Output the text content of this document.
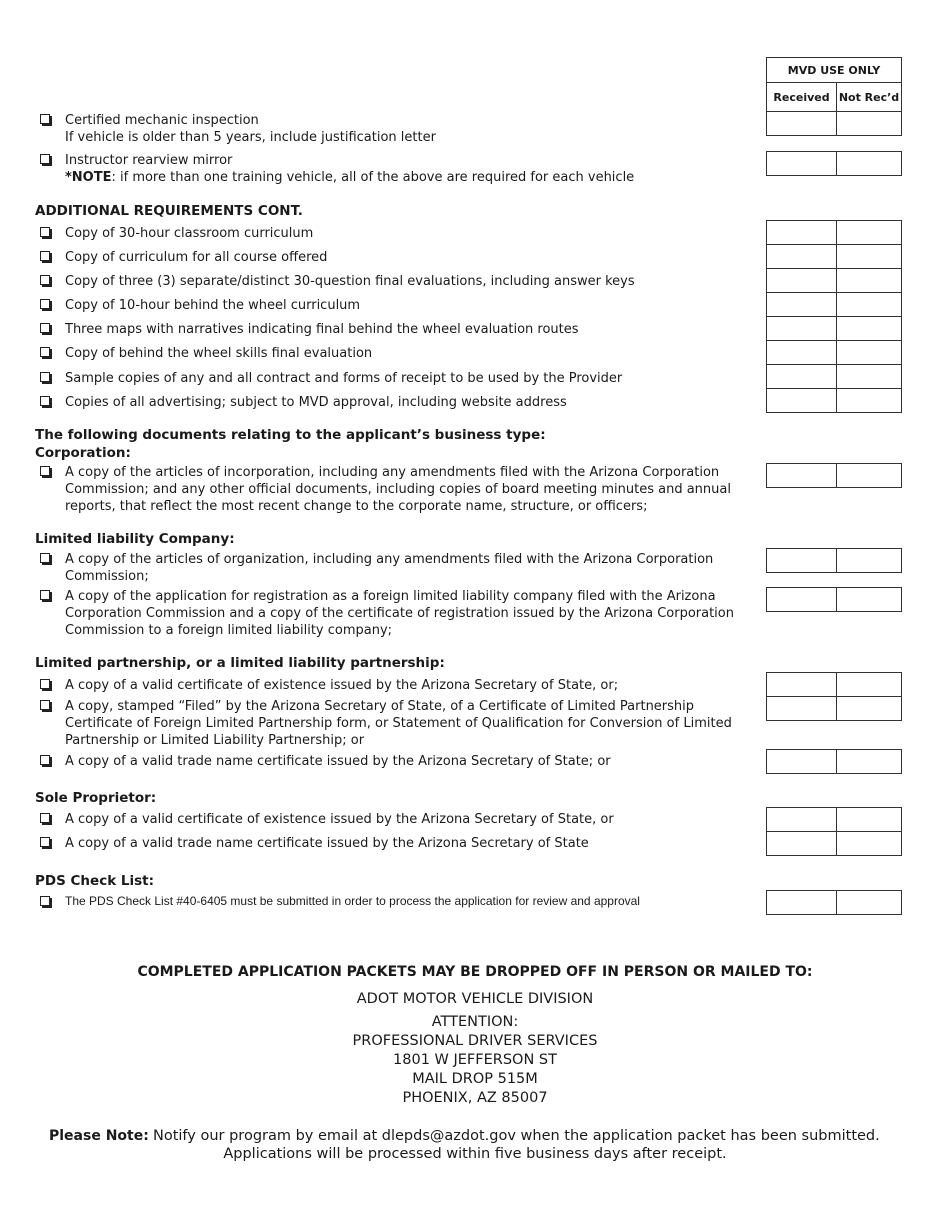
MVD USE ONLY	
Received	Not Rec’d

Certified mechanic inspection
If vehicle is older than 5 years, include justification letter
Instructor rearview mirror
*NOTE: if more than one training vehicle, all of the above are required for each vehicle
ADDITIONAL REQUIREMENTS CONT.
Copy of 30-hour classroom curriculum
Copy of curriculum for all course offered
Copy of three (3) separate/distinct 30-question final evaluations, including answer keys
Copy of 10-hour behind the wheel curriculum
Three maps with narratives indicating final behind the wheel evaluation routes
Copy of behind the wheel skills final evaluation
Sample copies of any and all contract and forms of receipt to be used by the Provider
Copies of all advertising; subject to MVD approval, including website address
The following documents relating to the applicant’s business type:
Corporation:
A copy of the articles of incorporation, including any amendments filed with the Arizona Corporation Commission; and any other official documents, including copies of board meeting minutes and annual reports, that reflect the most recent change to the corporate name, structure, or officers;
Limited liability Company:
A copy of the articles of organization, including any amendments filed with the Arizona Corporation Commission;
A copy of the application for registration as a foreign limited liability company filed with the Arizona Corporation Commission and a copy of the certificate of registration issued by the Arizona Corporation Commission to a foreign limited liability company;
Limited partnership, or a limited liability partnership:
A copy of a valid certificate of existence issued by the Arizona Secretary of State, or;
A copy, stamped “Filed” by the Arizona Secretary of State, of a Certificate of Limited Partnership Certificate of Foreign Limited Partnership form, or Statement of Qualification for Conversion of Limited Partnership or Limited Liability Partnership; or
A copy of a valid trade name certificate issued by the Arizona Secretary of State; or
Sole Proprietor:
A copy of a valid certificate of existence issued by the Arizona Secretary of State, or
A copy of a valid trade name certificate issued by the Arizona Secretary of State
PDS Check List:
The PDS Check List #40-6405 must be submitted in order to process the application for review and approval
COMPLETED APPLICATION PACKETS MAY BE DROPPED OFF IN PERSON OR MAILED TO:
ADOT MOTOR VEHICLE DIVISION
ATTENTION:
PROFESSIONAL DRIVER SERVICES
1801 W JEFFERSON ST
MAIL DROP 515M
PHOENIX, AZ 85007
Please Note: Notify our program by email at dlepds@azdot.gov when the application packet has been submitted.
Applications will be processed within five business days after receipt.
